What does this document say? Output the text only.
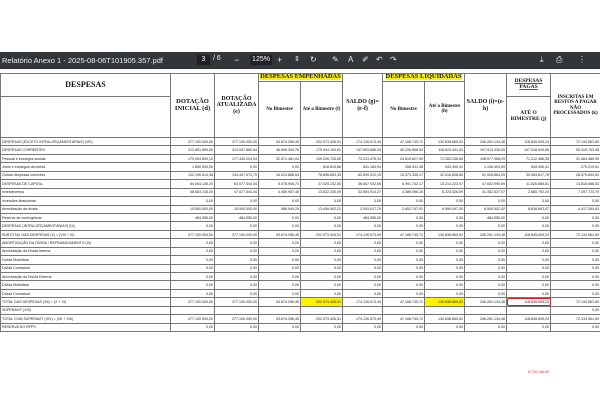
Relatório Anexo 1 - 2025-08-06T101905.357.pdf	3	/ 6 − 125% + ⇕ ↻ ✎ A ✐ ↶ ↷	⤓ ⎙ ⋮
DESPESAS	DOTAÇÃO INICIAL (d)	DOTAÇÃO ATUALIZADA (e)	DESPESAS EMPENHADAS		SALDO (g)=(e-f)	DESPESAS LIQUIDADAS		SALDO (i)=(e-h)	DESPESAS PAGAS	INSCRITAS EM RESTOS A PAGAR NÃO PROCESSADOS (k)
			No Bimestre	Até o Bimestre (f)		No Bimestre	Até o Bimestre (h)			
									ATÉ O BIMESTRE (j)	
DESPESAS (EXCETO INTRA-ORÇAMENTÁRIAS) (VIII)	377.100.000,00	377.100.000,00	53.674.256,45	202.973.426,51	174.126.573,49	47.168.740,72	130.838.865,52	246.261.134,48	118.845.605,24	72.134.561,59
DESPESAS CORRENTES	312.851.899,00	313.537.880,64	46.595.349,76	175.944.194,61	137.593.686,03	40.226.898,53	116.624.441,53	197.913.439,09	107.318.919,58	59.319.753,08
Pessoal e encargos sociais	179.004.893,10	177.440.204,94	32.571.481,04	109.226.726,60	73.213.478,34	24.619.827,90	72.262.236,65	108.977.968,29	71.212.486,35	31.464.489,95
Juros e encargos da dívida	1.650.000,00	0,00	0,00	818.815,86	631.184,94	258.531,48	543.395,41	1.106.404,59	543.395,41	275.219,61
Outras despesas correntes	132.196.914,38	134.447.673,70	16.023.868,64	78.896.653,35	63.549.022,15	15.373.335,17	42.518.808,85	91.928.864,25	35.563.617,78	28.579.844,52
DESPESAS DE CAPITAL	64.063.145,20	63.077.544,34	5.078.906,73	27.029.232,50	36.607.932,06	6.991.742,17	13.214.223,97	47.602.990,59	11.526.685,81	13.815.686,53
Investimentos	48.663.145,20	47.577.544,34	4.089.957,46	13.622.230,09	33.954.914,27	4.389.096,26	6.224.326,59	41.352.637,97	2.685.792,24	7.397.723,70
Inversões financeiras	0,00	0,00	0,00	0,00	0,00	0,00	0,00	0,00	0,00	0,00
Amortização da dívida	15.500.000,00	15.500.000,00	988.949,25	13.406.902,21	2.093.017,79	2.602.747,91	6.990.097,00	8.509.502,42	8.838.893,47	4.417.284,63
Reserva de contingência	484.955,00	484.955,00	0,00	0,00	484.955,00	0,00	0,00	484.955,00	0,00	0,00
DESPESAS (INTRA-ORÇAMENTÁRIAS) (IX)	0,00	0,00	0,00	0,00	0,00	0,00	0,00	0,00	0,00	0,00
SUBTOTAL DAS DESPESAS (X) = (VIII + IX)	377.100.000,00	377.100.000,00	53.674.256,45	202.973.426,51	174.126.573,49	47.168.740,72	130.838.865,52	246.261.134,48	118.845.605,24	72.134.561,59
AMORTIZAÇÃO DA DÍVIDA / REFINANCIAMENTO (XI)	0,00	0,00	0,00	0,00	0,00	0,00	0,00	0,00	0,00	0,00
Amortização da Dívida Interna	0,00	0,00	0,00	0,00	0,00	0,00	0,00	0,00	0,00	0,00
Dívida Mobiliária	0,00	0,00	0,00	0,00	0,00	0,00	0,00	0,00	0,00	0,00
Dívida Contratual	0,00	0,00	0,00	0,00	0,00	0,00	0,00	0,00	0,00	0,00
Amortização da Dívida Externa	0,00	0,00	0,00	0,00	0,00	0,00	0,00	0,00	0,00	0,00
Dívida Mobiliária	0,00	0,00	0,00	0,00	0,00	0,00	0,00	0,00	0,00	0,00
Dívida Contratual	0,00	0,00	0,00	0,00	0,00	0,00	0,00	0,00	0,00	0,00
TOTAL DAS DESPESAS (XII) = (X + XI)	377.100.000,00	377.100.000,00	53.674.256,45	202.973.426,51	174.126.573,49	47.168.740,72	130.838.865,52	246.261.134,48	118.845.605,24	72.134.561,59
SUPERAVIT (XIII)										0,00
TOTAL COM SUPERAVIT (XIV) = (XII + XIII)	377.100.000,00	377.100.000,00	53.674.256,45	202.973.426,51	174.126.573,49	47.168.740,72	130.838.865,52	246.261.134,48	118.845.605,24	72.134.561,59
RESERVA DO RPPS	0,00	0,00	0,00	0,00	0,00	0,00	0,00	0,00	0,00	0,00
8.710.146,90
